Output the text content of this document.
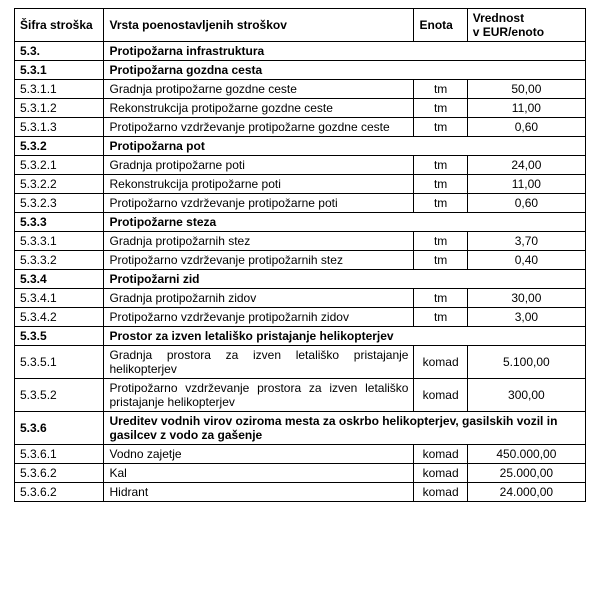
Šifra stroška	Vrsta poenostavljenih stroškov	Enota	Vrednost
v EUR/enoto
5.3.	Protipožarna infrastruktura		
5.3.1	Protipožarna gozdna cesta		
5.3.1.1	Gradnja protipožarne gozdne ceste	tm	50,00
5.3.1.2	Rekonstrukcija protipožarne gozdne ceste	tm	11,00
5.3.1.3	Protipožarno vzdrževanje protipožarne gozdne ceste	tm	0,60
5.3.2	Protipožarna pot		
5.3.2.1	Gradnja protipožarne poti	tm	24,00
5.3.2.2	Rekonstrukcija protipožarne poti	tm	11,00
5.3.2.3	Protipožarno vzdrževanje protipožarne poti	tm	0,60
5.3.3	Protipožarne steza		
5.3.3.1	Gradnja protipožarnih stez	tm	3,70
5.3.3.2	Protipožarno vzdrževanje protipožarnih stez	tm	0,40
5.3.4	Protipožarni zid		
5.3.4.1	Gradnja protipožarnih zidov	tm	30,00
5.3.4.2	Protipožarno vzdrževanje protipožarnih zidov	tm	3,00
5.3.5	Prostor za izven letališko pristajanje helikopterjev		
5.3.5.1	Gradnja prostora za izven letališko pristajanje helikopterjev	komad	5.100,00
5.3.5.2	Protipožarno vzdrževanje prostora za izven letališko pristajanje helikopterjev	komad	300,00
5.3.6	Ureditev vodnih virov oziroma mesta za oskrbo helikopterjev, gasilskih vozil in gasilcev z vodo za gašenje		
5.3.6.1	Vodno zajetje	komad	450.000,00
5.3.6.2	Kal	komad	25.000,00
5.3.6.2	Hidrant	komad	24.000,00
